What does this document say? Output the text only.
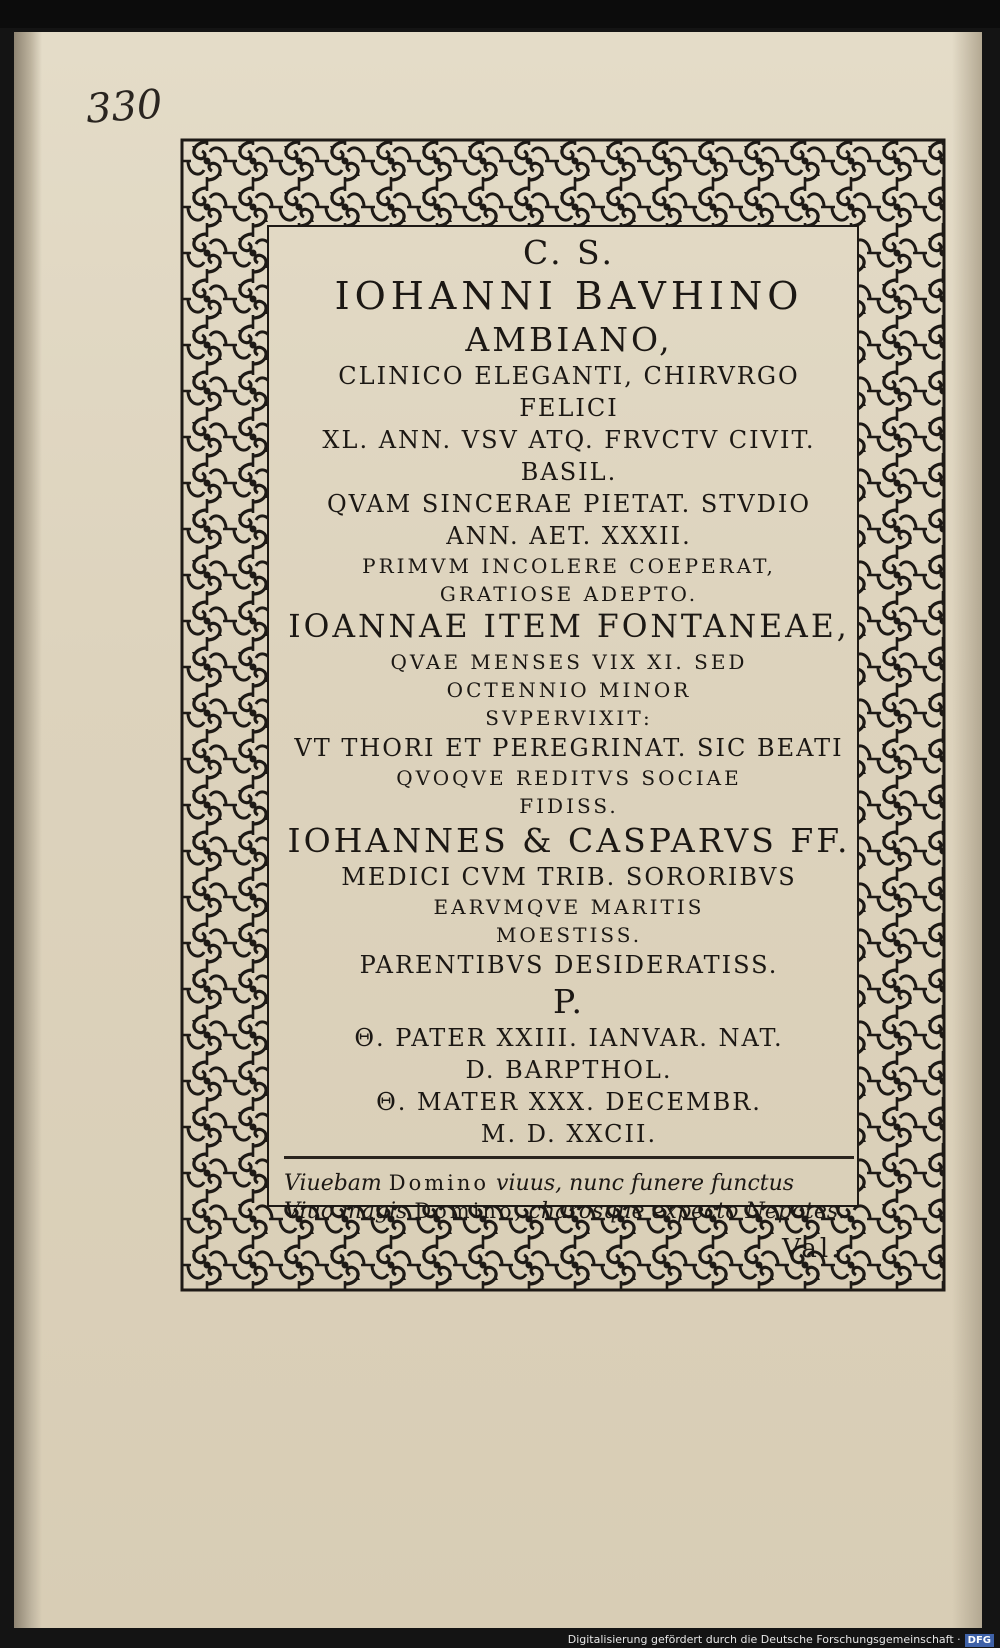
330
C. S.
IOHANNI BAVHINO
AMBIANO,
CLINICO ELEGANTI, CHIRVRGO
FELICI
XL. ANN. VSV ATQ. FRVCTV CIVIT.
BASIL.
QVAM SINCERAE PIETAT. STVDIO
ANN. AET. XXXII.
PRIMVM INCOLERE COEPERAT,
GRATIOSE ADEPTO.
IOANNAE ITEM FONTANEAE,
QVAE MENSES VIX XI. SED
OCTENNIO MINOR
SVPERVIXIT:
VT THORI ET PEREGRINAT. SIC BEATI
QVOQVE REDITVS SOCIAE
FIDISS.
IOHANNES & CASPARVS FF.
MEDICI CVM TRIB. SORORIBVS
EARVMQVE MARITIS
MOESTISS.
PARENTIBVS DESIDERATISS.
P.
Θ. PATER XXIII. IANVAR. NAT.
D. BARPTHOL.
Θ. MATER XXX. DECEMBR.
M. D. XXCII.
Viuebam Domino viuus, nunc funere functus
Viuo magis Domino, charosque expecto Nepotes.
Val.
Digitalisierung gefördert durch die Deutsche Forschungsgemeinschaft · DFG
